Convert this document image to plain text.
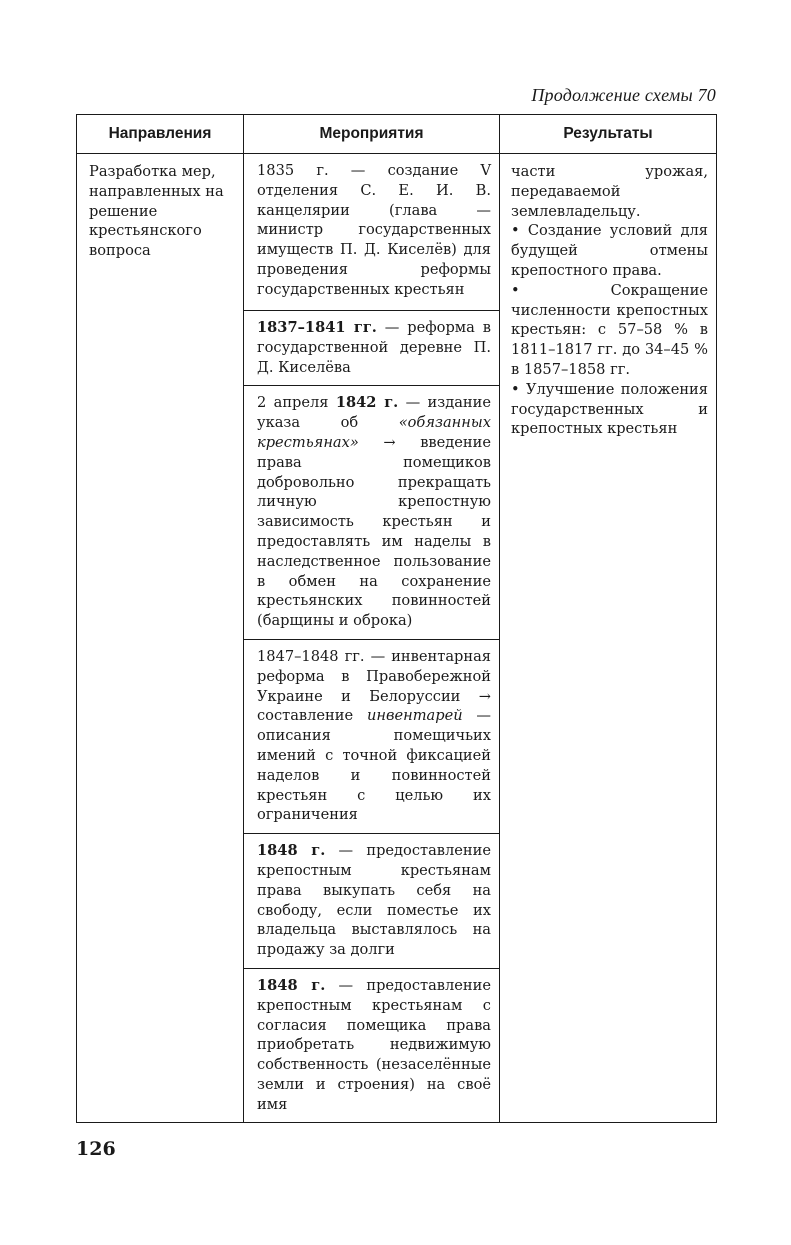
Продолжение схемы 70
Направления	Мероприятия	Результаты
Разработка мер, направленных на решение крестьянского вопроса	1835 г. — создание V отделения С. Е. И. В. канцелярии (глава — министр государственных имуществ П. Д. Киселёв) для проведения реформы государственных крестьян	части урожая, передаваемой землевладельцу.
• Создание условий для будущей отмены крепостного права.
• Сокращение численности крепостных крестьян: с 57–58 % в 1811–1817 гг. до 34–45 % в 1857–1858 гг.
• Улучшение положения государственных и крепостных крестьян

	1837–1841 гг. — реформа в государственной деревне П. Д. Киселёва	
	2 апреля 1842 г. — издание указа об «обязанных крестьянах» → введение права помещиков добровольно прекращать личную крепостную зависимость крестьян и предоставлять им наделы в наследственное пользование в обмен на сохранение крестьянских повинностей (барщины и оброка)	
	1847–1848 гг. — инвентарная реформа в Правобережной Украине и Белоруссии → составление инвентарей — описания помещичьих имений с точной фиксацией наделов и повинностей крестьян с целью их ограничения	
	1848 г. — предоставление крепостным крестьянам права выкупать себя на свободу, если поместье их владельца выставлялось на продажу за долги	
	1848 г. — предоставление крепостным крестьянам с согласия помещика права приобретать недвижимую собственность (незаселённые земли и строения) на своё имя	
126
